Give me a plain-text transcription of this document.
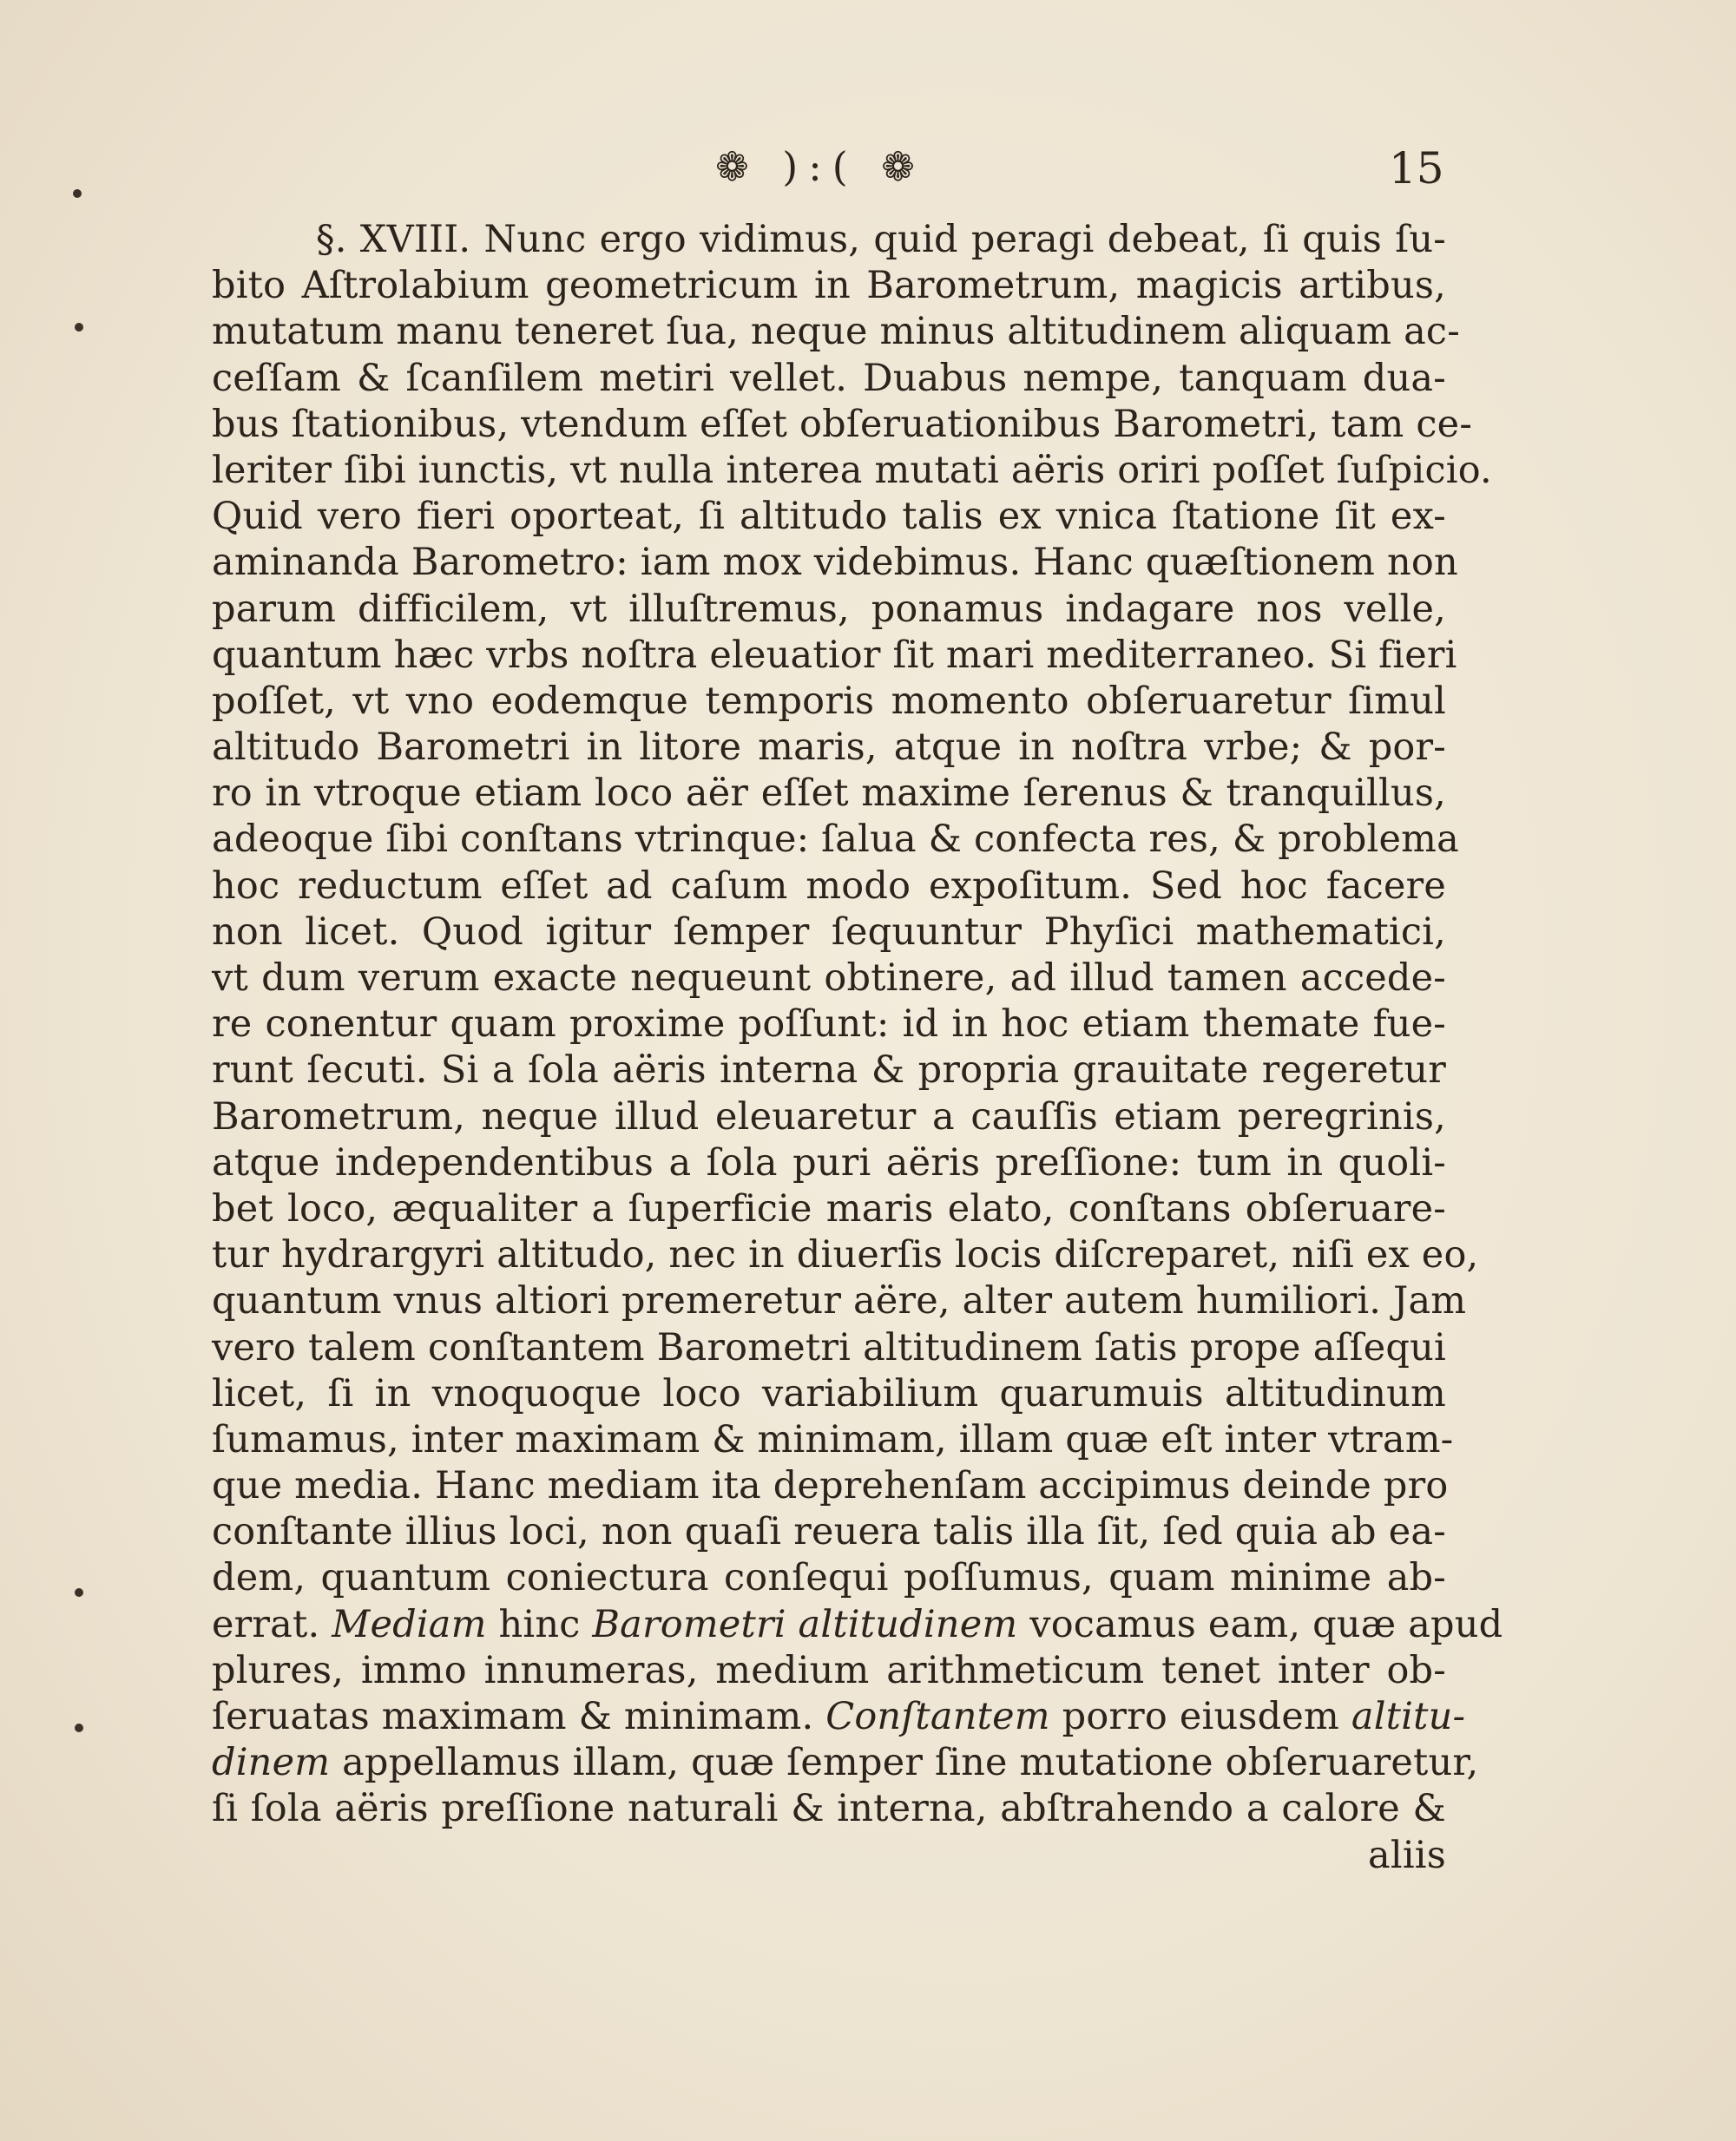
❁ ):( ❁	15
§. XVIII. Nunc ergo vidimus, quid peragi debeat, ſi quis ſu-
bito Aſtrolabium geometricum in Barometrum, magicis artibus,
mutatum manu teneret ſua, neque minus altitudinem aliquam ac-
ceſſam & ſcanſilem metiri vellet. Duabus nempe, tanquam dua-
bus ſtationibus, vtendum eſſet obſeruationibus Barometri, tam ce-
leriter ſibi iunctis, vt nulla interea mutati aëris oriri poſſet ſuſpicio.
Quid vero fieri oporteat, ſi altitudo talis ex vnica ſtatione ſit ex-
aminanda Barometro: iam mox videbimus. Hanc quæſtionem non
parum difficilem, vt illuſtremus, ponamus indagare nos velle,
quantum hæc vrbs noſtra eleuatior ſit mari mediterraneo. Si fieri
poſſet, vt vno eodemque temporis momento obſeruaretur ſimul
altitudo Barometri in litore maris, atque in noſtra vrbe; & por-
ro in vtroque etiam loco aër eſſet maxime ſerenus & tranquillus,
adeoque ſibi conſtans vtrinque: ſalua & confecta res, & problema
hoc reductum eſſet ad caſum modo expoſitum. Sed hoc facere
non licet. Quod igitur ſemper ſequuntur Phyſici mathematici,
vt dum verum exacte nequeunt obtinere, ad illud tamen accede-
re conentur quam proxime poſſunt: id in hoc etiam themate fue-
runt ſecuti. Si a ſola aëris interna & propria grauitate regeretur
Barometrum, neque illud eleuaretur a cauſſis etiam peregrinis,
atque independentibus a ſola puri aëris preſſione: tum in quoli-
bet loco, æqualiter a ſuperficie maris elato, conſtans obſeruare-
tur hydrargyri altitudo, nec in diuerſis locis diſcreparet, niſi ex eo,
quantum vnus altiori premeretur aëre, alter autem humiliori. Jam
vero talem conſtantem Barometri altitudinem ſatis prope aſſequi
licet, ſi in vnoquoque loco variabilium quarumuis altitudinum
ſumamus, inter maximam & minimam, illam quæ eſt inter vtram-
que media. Hanc mediam ita deprehenſam accipimus deinde pro
conſtante illius loci, non quaſi reuera talis illa ſit, ſed quia ab ea-
dem, quantum coniectura conſequi poſſumus, quam minime ab-
errat. Mediam hinc Barometri altitudinem vocamus eam, quæ apud
plures, immo innumeras, medium arithmeticum tenet inter ob-
ſeruatas maximam & minimam. Conſtantem porro eiusdem altitu-
dinem appellamus illam, quæ ſemper ſine mutatione obſeruaretur,
ſi ſola aëris preſſione naturali & interna, abſtrahendo a calore &
aliis
